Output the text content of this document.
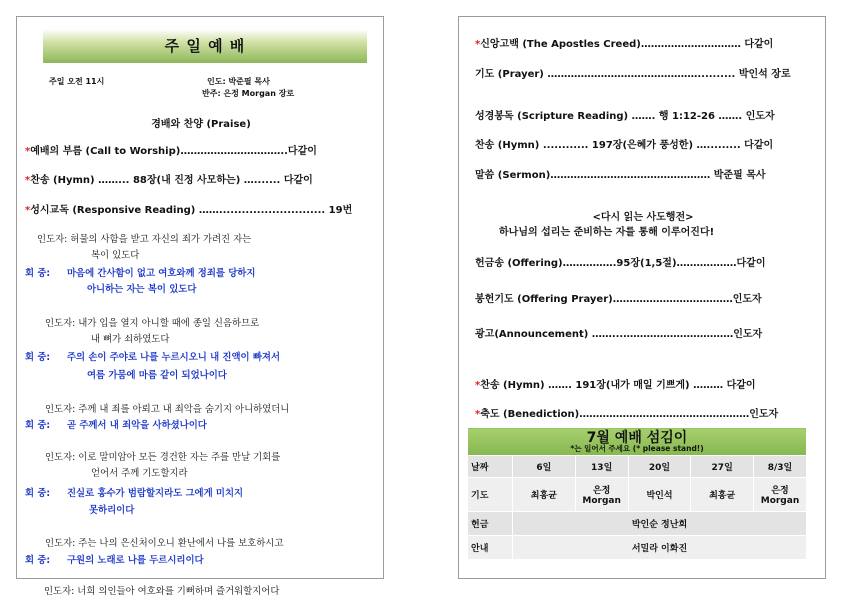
주 일 예 배
주일 오전 11시	인도: 박준필 목사
반주: 은정 Morgan 장로
경배와 찬양 (Praise)
*예배의 부름 (Call to Worship)…………………………..다같이
*찬송 (Hymn) ……... 88장(내 진정 사모하는) …....... 다같이
*성시교독 (Responsive Reading) ……............................ 19번
인도자: 허물의 사함을 받고 자신의 죄가 가려진 자는
복이 있도다
회 중: 마음에 간사함이 없고 여호와께 정죄를 당하지
아니하는 자는 복이 있도다
인도자: 내가 입을 열지 아니할 때에 종일 신음하므로
내 뼈가 쇠하였도다
회 중: 주의 손이 주야로 나를 누르시오니 내 진액이 빠져서
여름 가뭄에 마름 같이 되었나이다
인도자: 주께 내 죄를 아뢰고 내 죄악을 숨기지 아니하였더니
회 중: 곧 주께서 내 죄악을 사하셨나이다
인도자: 이로 말미암아 모든 경건한 자는 주를 만날 기회를
얻어서 주께 기도할지라
회 중: 진실로 홍수가 범람할지라도 그에게 미치지
못하리이다
인도자: 주는 나의 은신처이오니 환난에서 나를 보호하시고
회 중: 구원의 노래로 나를 두르시리이다
인도자: 너희 의인들아 여호와를 기뻐하며 즐거워할지어다
*신앙고백 (The Apostles Creed)………………………… 다같이
기도 (Prayer) ……………………………………….......... 박인석 장로
성경봉독 (Scripture Reading) ……. 행 1:12-26 ……. 인도자
찬송 (Hymn) ............ 197장(은혜가 풍성한) …......... 다같이
말씀 (Sermon)………………………………………… 박준필 목사
<다시 읽는 사도행전>
하나님의 섭리는 준비하는 자를 통해 이루어진다!
헌금송 (Offering)…………….95장(1,5절)………………다같이
봉헌기도 (Offering Prayer)………………………………인도자
광고(Announcement) ……...……………………………인도자
*찬송 (Hymn) ……. 191장(내가 매일 기쁘게) ……… 다같이
*축도 (Benediction)……………………………………………인도자
7월 예배 섬김이
*는 일어서 주세요 (* please stand!)					

날짜	6일	13일	20일	27일	8/3일
기도	최홍균	은정 Morgan	박인석	최홍균	은정 Morgan
헌금	박인순 정난희				
안내	서밀라 이화진				
